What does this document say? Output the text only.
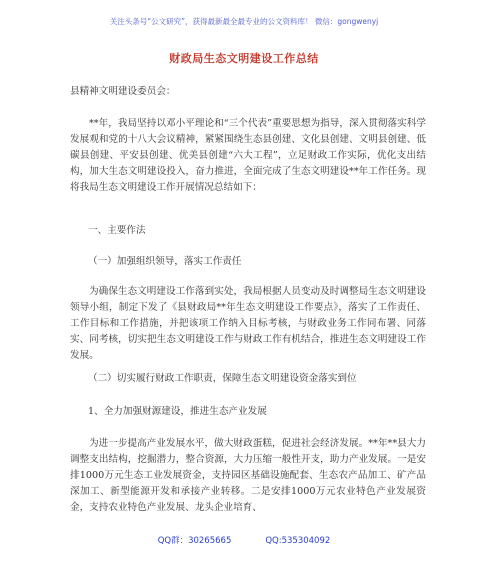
关注头条号“公文研究”，获得最新最全最专业的公文资料库！ 微信：gongwenyj
财政局生态文明建设工作总结
县精神文明建设委员会：
**年，我局坚持以邓小平理论和“三个代表”重要思想为指导，深入贯彻落实科学发展观和党的十八大会议精神，紧紧围绕生态县创建、文化县创建、文明县创建、低碳县创建、平安县创建、优美县创建“六大工程”，立足财政工作实际，优化支出结构，加大生态文明建设投入，奋力推进，全面完成了生态文明建设**年工作任务。现将我局生态文明建设工作开展情况总结如下：
一、主要作法
（一）加强组织领导，落实工作责任
为确保生态文明建设工作落到实处，我局根据人员变动及时调整局生态文明建设领导小组，制定下发了《县财政局**年生态文明建设工作要点》，落实了工作责任、工作目标和工作措施，并把该项工作纳入目标考核，与财政业务工作同布署、同落实、同考核，切实把生态文明建设工作与财政工作有机结合，推进生态文明建设工作发展。
（二）切实履行财政工作职责，保障生态文明建设资金落实到位
1、全力加强财源建设，推进生态产业发展
为进一步提高产业发展水平，做大财政蛋糕，促进社会经济发展。**年**县大力调整支出结构，挖掘潜力，整合资源，大力压缩一般性开支，助力产业发展。一是安排1000万元生态工业发展资金，支持园区基础设施配套、生态农产品加工、矿产品深加工、新型能源开发和承接产业转移。二是安排1000万元农业特色产业发展资金，支持农业特色产业发展、龙头企业培育、
QQ群：30265665	QQ:535304092
